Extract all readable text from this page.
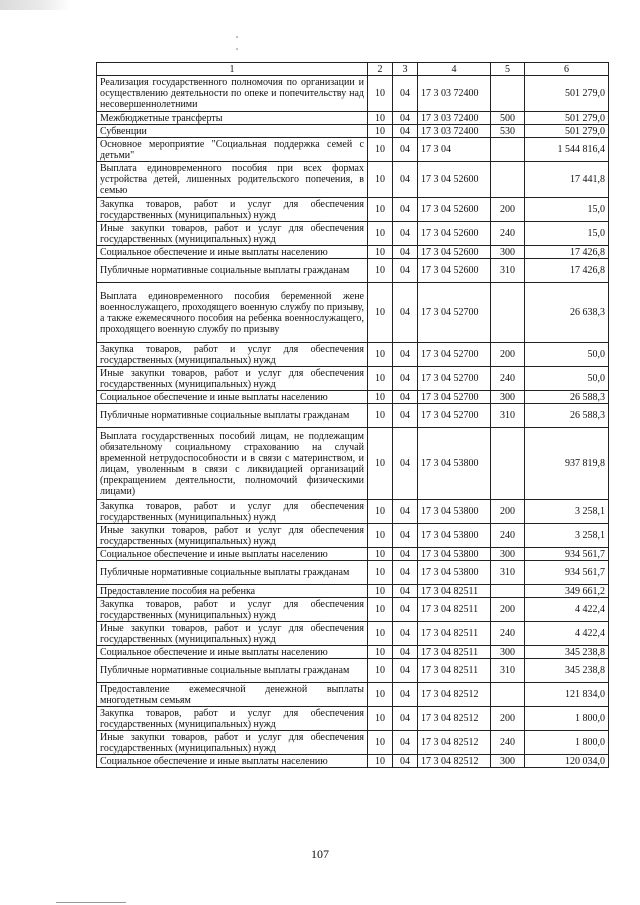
1	2	3	4	5	6
Реализация государственного полномочия по организации и осуществлению деятельности по опеке и попечительству над несовершеннолетними	10	04	17 3 03 72400		501 279,0
Межбюджетные трансферты	10	04	17 3 03 72400	500	501 279,0
Субвенции	10	04	17 3 03 72400	530	501 279,0
Основное мероприятие "Социальная поддержка семей с детьми"	10	04	17 3 04		1 544 816,4
Выплата единовременного пособия при всех формах устройства детей, лишенных родительского попечения, в семью	10	04	17 3 04 52600		17 441,8
Закупка товаров, работ и услуг для обеспечения государственных (муниципальных) нужд	10	04	17 3 04 52600	200	15,0
Иные закупки товаров, работ и услуг для обеспечения государственных (муниципальных) нужд	10	04	17 3 04 52600	240	15,0
Социальное обеспечение и иные выплаты населению	10	04	17 3 04 52600	300	17 426,8
Публичные нормативные социальные выплаты гражданам	10	04	17 3 04 52600	310	17 426,8
Выплата единовременного пособия беременной жене военнослужащего, проходящего военную службу по призыву, а также ежемесячного пособия на ребенка военнослужащего, проходящего военную службу по призыву	10	04	17 3 04 52700		26 638,3
Закупка товаров, работ и услуг для обеспечения государственных (муниципальных) нужд	10	04	17 3 04 52700	200	50,0
Иные закупки товаров, работ и услуг для обеспечения государственных (муниципальных) нужд	10	04	17 3 04 52700	240	50,0
Социальное обеспечение и иные выплаты населению	10	04	17 3 04 52700	300	26 588,3
Публичные нормативные социальные выплаты гражданам	10	04	17 3 04 52700	310	26 588,3
Выплата государственных пособий лицам, не подлежащим обязательному социальному страхованию на случай временной нетрудоспособности и в связи с материнством, и лицам, уволенным в связи с ликвидацией организаций (прекращением деятельности, полномочий физическими лицами)	10	04	17 3 04 53800		937 819,8
Закупка товаров, работ и услуг для обеспечения государственных (муниципальных) нужд	10	04	17 3 04 53800	200	3 258,1
Иные закупки товаров, работ и услуг для обеспечения государственных (муниципальных) нужд	10	04	17 3 04 53800	240	3 258,1
Социальное обеспечение и иные выплаты населению	10	04	17 3 04 53800	300	934 561,7
Публичные нормативные социальные выплаты гражданам	10	04	17 3 04 53800	310	934 561,7
Предоставление пособия на ребенка	10	04	17 3 04 82511		349 661,2
Закупка товаров, работ и услуг для обеспечения государственных (муниципальных) нужд	10	04	17 3 04 82511	200	4 422,4
Иные закупки товаров, работ и услуг для обеспечения государственных (муниципальных) нужд	10	04	17 3 04 82511	240	4 422,4
Социальное обеспечение и иные выплаты населению	10	04	17 3 04 82511	300	345 238,8
Публичные нормативные социальные выплаты гражданам	10	04	17 3 04 82511	310	345 238,8
Предоставление ежемесячной денежной выплаты многодетным семьям	10	04	17 3 04 82512		121 834,0
Закупка товаров, работ и услуг для обеспечения государственных (муниципальных) нужд	10	04	17 3 04 82512	200	1 800,0
Иные закупки товаров, работ и услуг для обеспечения государственных (муниципальных) нужд	10	04	17 3 04 82512	240	1 800,0
Социальное обеспечение и иные выплаты населению	10	04	17 3 04 82512	300	120 034,0
107
